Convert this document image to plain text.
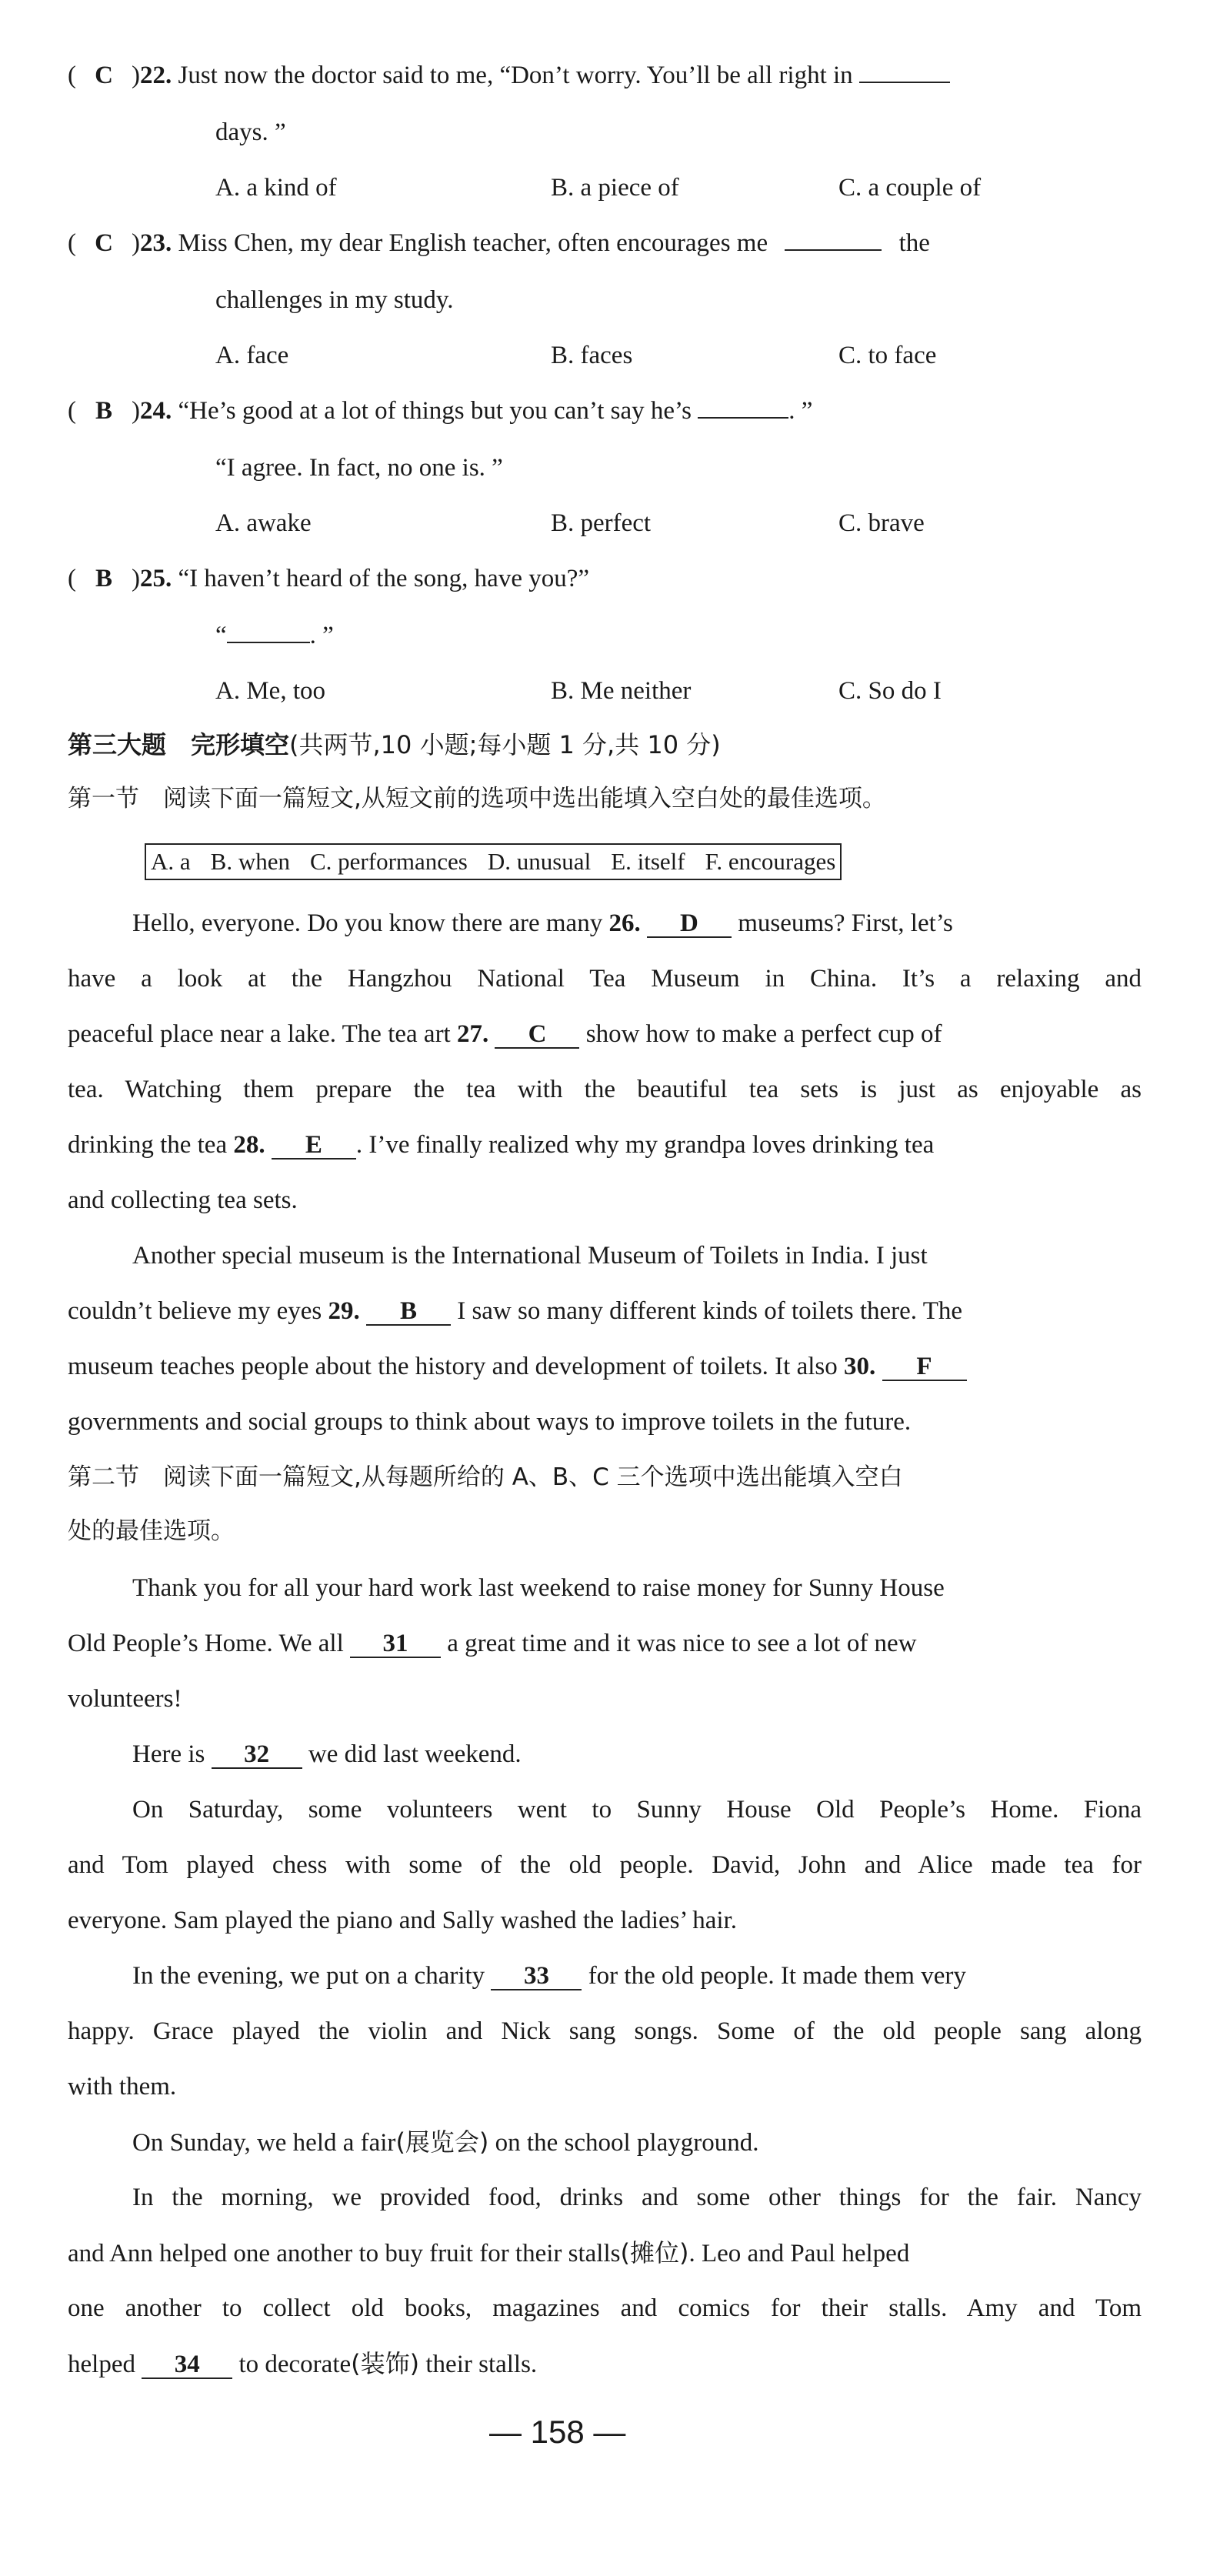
( C )22. Just now the doctor said to me, “Don’t worry. You’ll be all right in
days. ”
A. a kind of	B. a piece of	C. a couple of
( C )23. Miss Chen, my dear English teacher, often encourages me	the
challenges in my study.
A. face	B. faces	C. to face
( B )24. “He’s good at a lot of things but you can’t say he’s	. ”
“I agree. In fact, no one is. ”
A. awake	B. perfect	C. brave
( B )25. “I haven’t heard of the song, have you?”
“	. ”
A. Me, too	B. Me neither	C. So do I
第三大题　完形填空(共两节,10 小题;每小题 1 分,共 10 分)
第一节　阅读下面一篇短文,从短文前的选项中选出能填入空白处的最佳选项。
A. a B. when C. performances D. unusual E. itself F. encourages
Hello, everyone. Do you know there are many 26. D museums? First, let’s
have a look at the Hangzhou National Tea Museum in China. It’s a relaxing and
peaceful place near a lake. The tea art 27. C show how to make a perfect cup of
tea. Watching them prepare the tea with the beautiful tea sets is just as enjoyable as
drinking the tea 28. E . I’ve finally realized why my grandpa loves drinking tea
and collecting tea sets.
Another special museum is the International Museum of Toilets in India. I just
couldn’t believe my eyes 29. B I saw so many different kinds of toilets there. The
museum teaches people about the history and development of toilets. It also 30. F
governments and social groups to think about ways to improve toilets in the future.
第二节　阅读下面一篇短文,从每题所给的 A、B、C 三个选项中选出能填入空白
处的最佳选项。
Thank you for all your hard work last weekend to raise money for Sunny House
Old People’s Home. We all 31 a great time and it was nice to see a lot of new
volunteers!
Here is 32 we did last weekend.
On Saturday, some volunteers went to Sunny House Old People’s Home. Fiona
and Tom played chess with some of the old people. David, John and Alice made tea for
everyone. Sam played the piano and Sally washed the ladies’ hair.
In the evening, we put on a charity 33 for the old people. It made them very
happy. Grace played the violin and Nick sang songs. Some of the old people sang along
with them.
On Sunday, we held a fair(展览会) on the school playground.
In the morning, we provided food, drinks and some other things for the fair. Nancy
and Ann helped one another to buy fruit for their stalls(摊位). Leo and Paul helped
one another to collect old books, magazines and comics for their stalls. Amy and Tom
helped 34 to decorate(装饰) their stalls.
— 158 —
